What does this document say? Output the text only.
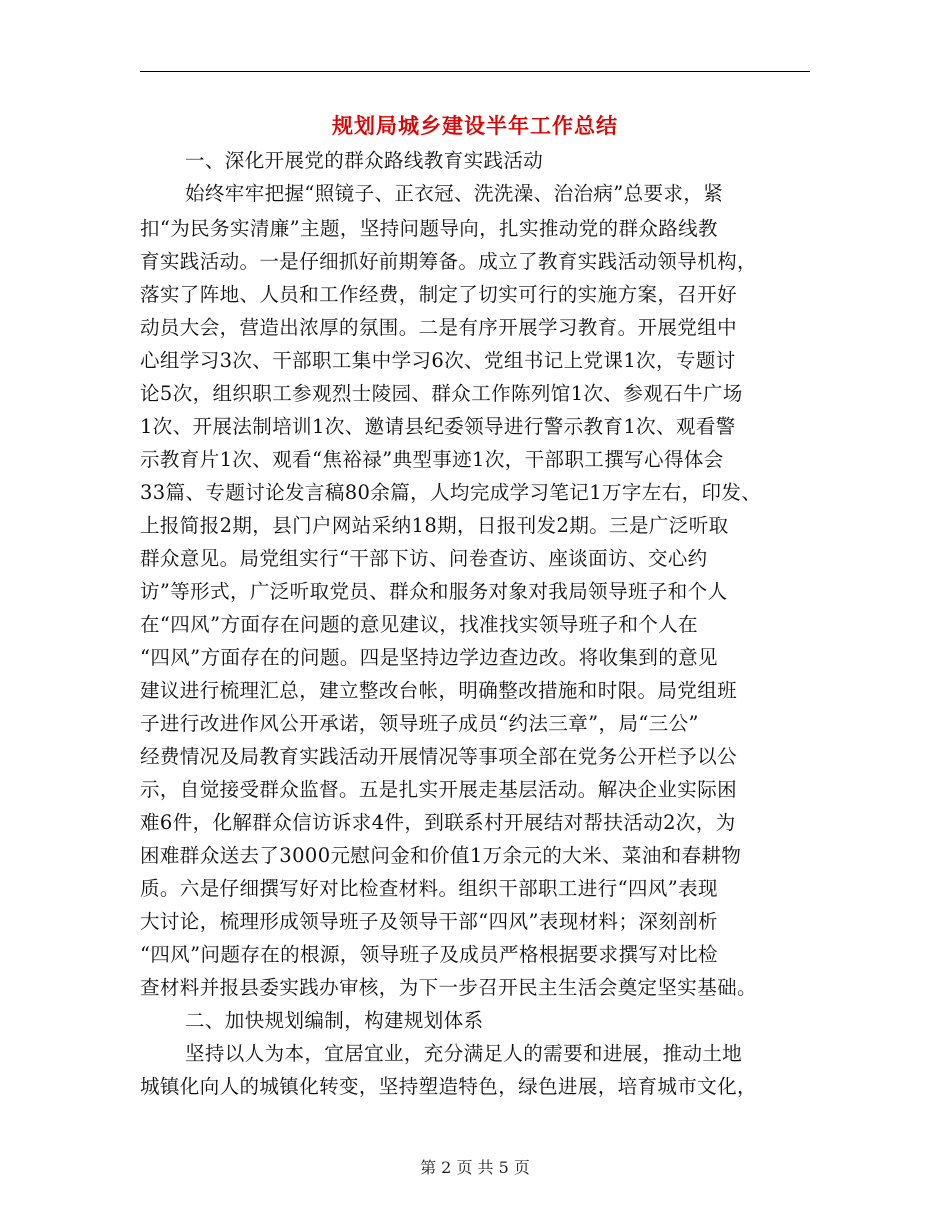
规划局城乡建设半年工作总结
一、深化开展党的群众路线教育实践活动
始终牢牢把握“照镜子、正衣冠、洗洗澡、治治病”总要求，紧
扣“为民务实清廉”主题，坚持问题导向，扎实推动党的群众路线教
育实践活动。一是仔细抓好前期筹备。成立了教育实践活动领导机构，
落实了阵地、人员和工作经费，制定了切实可行的实施方案，召开好
动员大会，营造出浓厚的氛围。二是有序开展学习教育。开展党组中
心组学习3次、干部职工集中学习6次、党组书记上党课1次，专题讨
论5次，组织职工参观烈士陵园、群众工作陈列馆1次、参观石牛广场
1次、开展法制培训1次、邀请县纪委领导进行警示教育1次、观看警
示教育片1次、观看“焦裕禄”典型事迹1次，干部职工撰写心得体会
33篇、专题讨论发言稿80余篇，人均完成学习笔记1万字左右，印发、
上报简报2期，县门户网站采纳18期，日报刊发2期。三是广泛听取
群众意见。局党组实行“干部下访、问卷查访、座谈面访、交心约
访”等形式，广泛听取党员、群众和服务对象对我局领导班子和个人
在“四风”方面存在问题的意见建议，找准找实领导班子和个人在
“四风”方面存在的问题。四是坚持边学边查边改。将收集到的意见
建议进行梳理汇总，建立整改台帐，明确整改措施和时限。局党组班
子进行改进作风公开承诺，领导班子成员“约法三章”，局“三公”
经费情况及局教育实践活动开展情况等事项全部在党务公开栏予以公
示，自觉接受群众监督。五是扎实开展走基层活动。解决企业实际困
难6件，化解群众信访诉求4件，到联系村开展结对帮扶活动2次，为
困难群众送去了3000元慰问金和价值1万余元的大米、菜油和春耕物
质。六是仔细撰写好对比检查材料。组织干部职工进行“四风”表现
大讨论，梳理形成领导班子及领导干部“四风”表现材料；深刻剖析
“四风”问题存在的根源，领导班子及成员严格根据要求撰写对比检
查材料并报县委实践办审核，为下一步召开民主生活会奠定坚实基础。
二、加快规划编制，构建规划体系
坚持以人为本，宜居宜业，充分满足人的需要和进展，推动土地
城镇化向人的城镇化转变，坚持塑造特色，绿色进展，培育城市文化，
第 2 页 共 5 页
